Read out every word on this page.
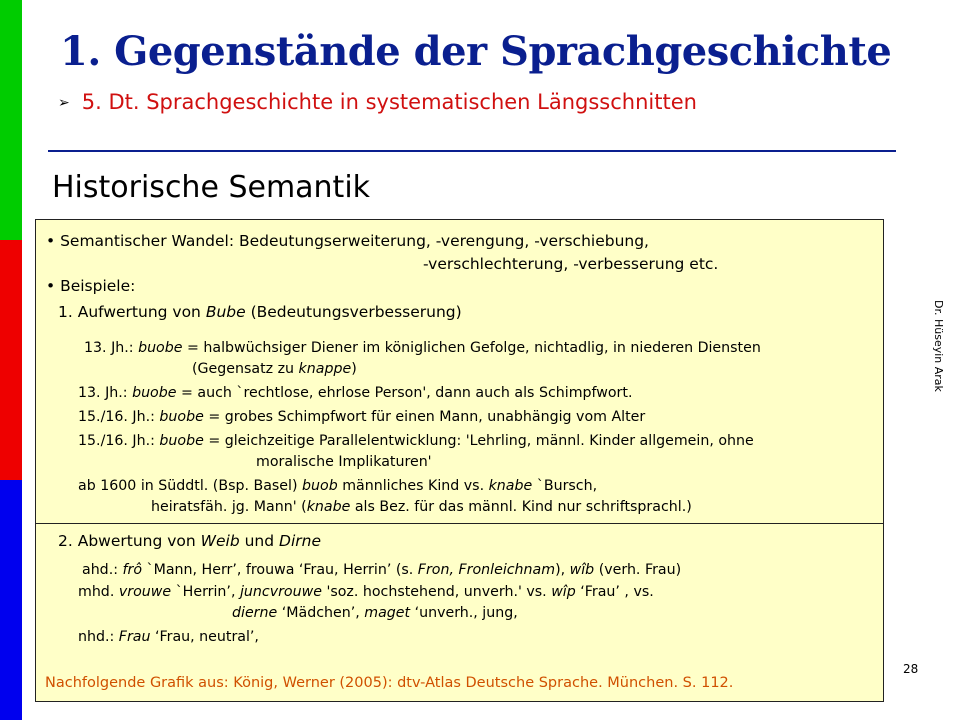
1. Gegenstände der Sprachgeschichte
➢ 5. Dt. Sprachgeschichte in systematischen Längsschnitten
Historische Semantik
• Semantischer Wandel: Bedeutungserweiterung, -verengung, -verschiebung,
-verschlechterung, -verbesserung etc.
• Beispiele:
1. Aufwertung von Bube (Bedeutungsverbesserung)
13. Jh.: buobe = halbwüchsiger Diener im königlichen Gefolge, nichtadlig, in niederen Diensten
(Gegensatz zu knappe)
13. Jh.: buobe = auch `rechtlose, ehrlose Person', dann auch als Schimpfwort.
15./16. Jh.: buobe = grobes Schimpfwort für einen Mann, unabhängig vom Alter
15./16. Jh.: buobe = gleichzeitige Parallelentwicklung: 'Lehrling, männl. Kinder allgemein, ohne
moralische Implikaturen'
ab 1600 in Süddtl. (Bsp. Basel) buob männliches Kind vs. knabe `Bursch,
heiratsfäh. jg. Mann' (knabe als Bez. für das männl. Kind nur schriftsprachl.)
2. Abwertung von Weib und Dirne
ahd.: frô `Mann, Herr’, frouwa ‘Frau, Herrin’ (s. Fron, Fronleichnam), wîb (verh. Frau)
mhd. vrouwe `Herrin’, juncvrouwe 'soz. hochstehend, unverh.' vs. wîp ‘Frau’ , vs.
dierne ‘Mädchen’, maget ‘unverh., jung,
nhd.: Frau ‘Frau, neutral’,
Nachfolgende Grafik aus: König, Werner (2005): dtv-Atlas Deutsche Sprache. München. S. 112.
28
Dr. Hüseyin Arak
